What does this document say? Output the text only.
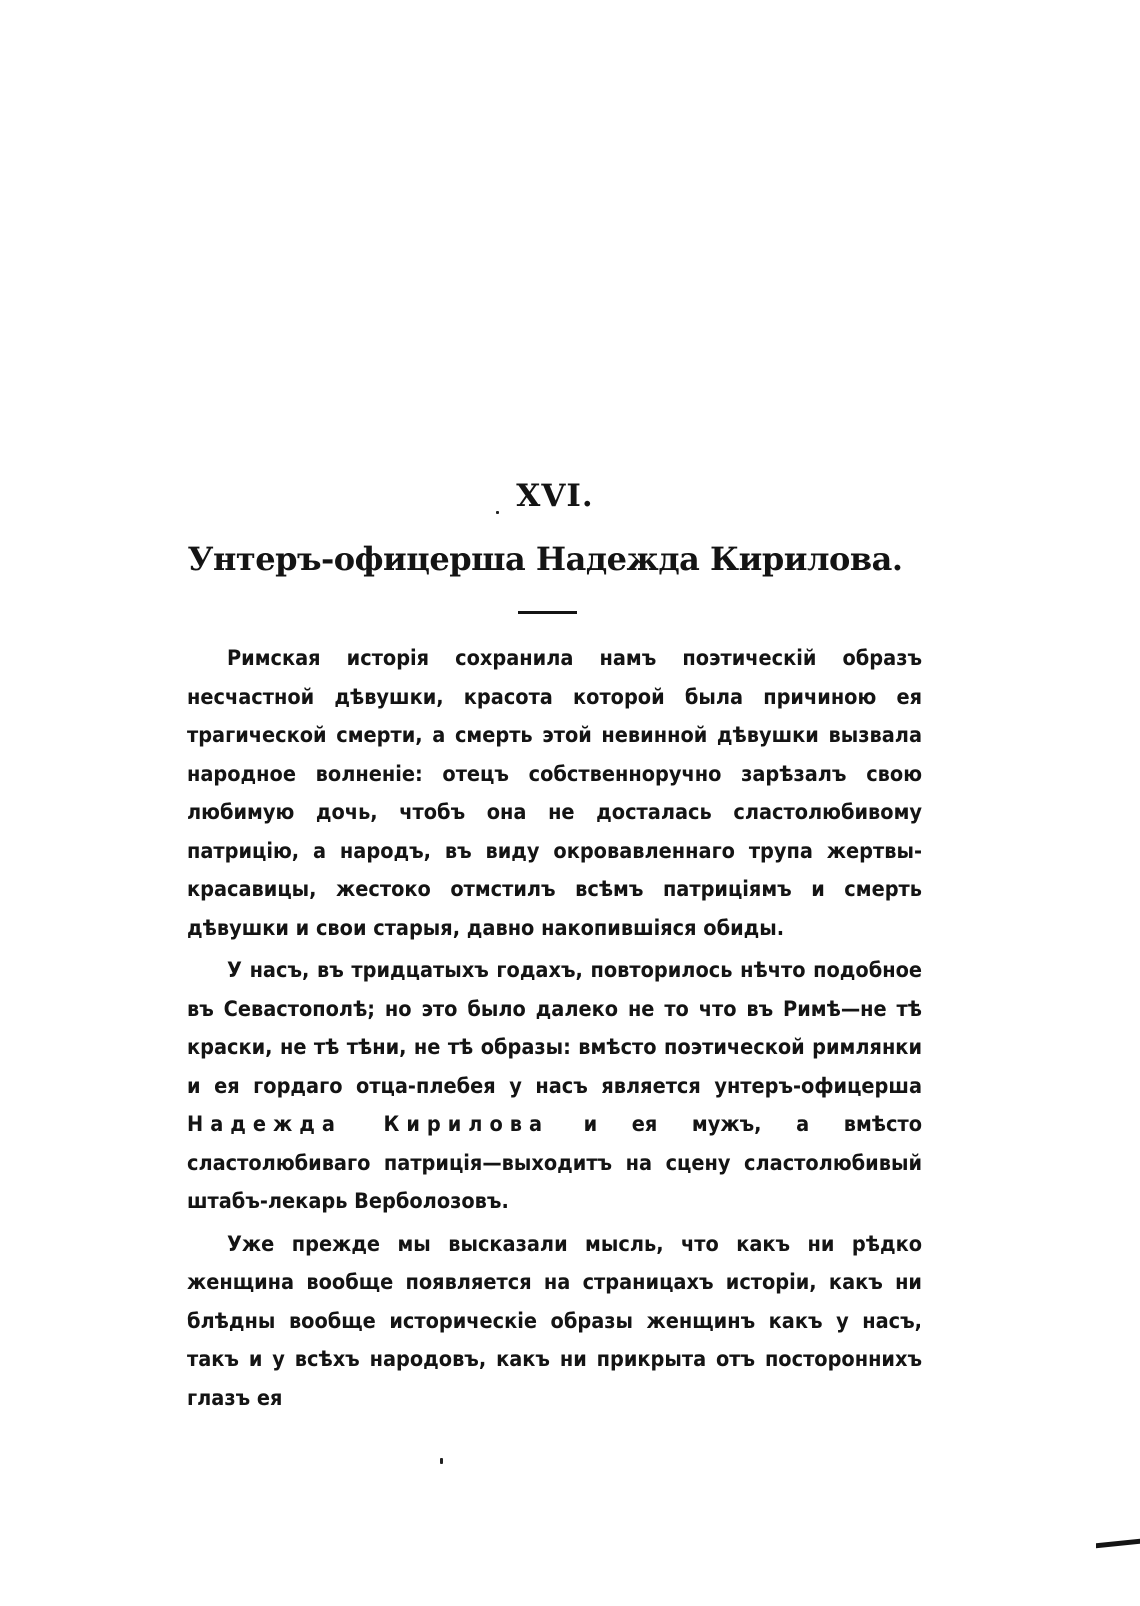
XVI.
Унтеръ-офицерша Надежда Кирилова.

Римская исторія сохранила намъ поэтическій образъ несчастной дѣвушки, красота которой была причиною ея трагической смерти, а смерть этой невинной дѣвушки вызвала народное волненіе: отецъ собственноручно зарѣзалъ свою любимую дочь, чтобъ она не досталась сластолюбивому патрицію, а народъ, въ виду окровавленнаго трупа жертвы-красавицы, жестоко отмстилъ всѣмъ патриціямъ и смерть дѣвушки и свои старыя, давно накопившіяся обиды.

У насъ, въ тридцатыхъ годахъ, повторилось нѣчто подобное въ Севастополѣ; но это было далеко не то что въ Римѣ—не тѣ краски, не тѣ тѣни, не тѣ образы: вмѣсто поэтической римлянки и ея гордаго отца-плебея у насъ является унтеръ-офицерша Надежда Кирилова и ея мужъ, а вмѣсто сластолюбиваго патриція—выходитъ на сцену сластолюбивый штабъ-лекарь Верболозовъ.

Уже прежде мы высказали мысль, что какъ ни рѣдко женщина вообще появляется на страницахъ исторіи, какъ ни блѣдны вообще историческіе образы женщинъ какъ у насъ, такъ и у всѣхъ народовъ, какъ ни прикрыта отъ постороннихъ глазъ ея
